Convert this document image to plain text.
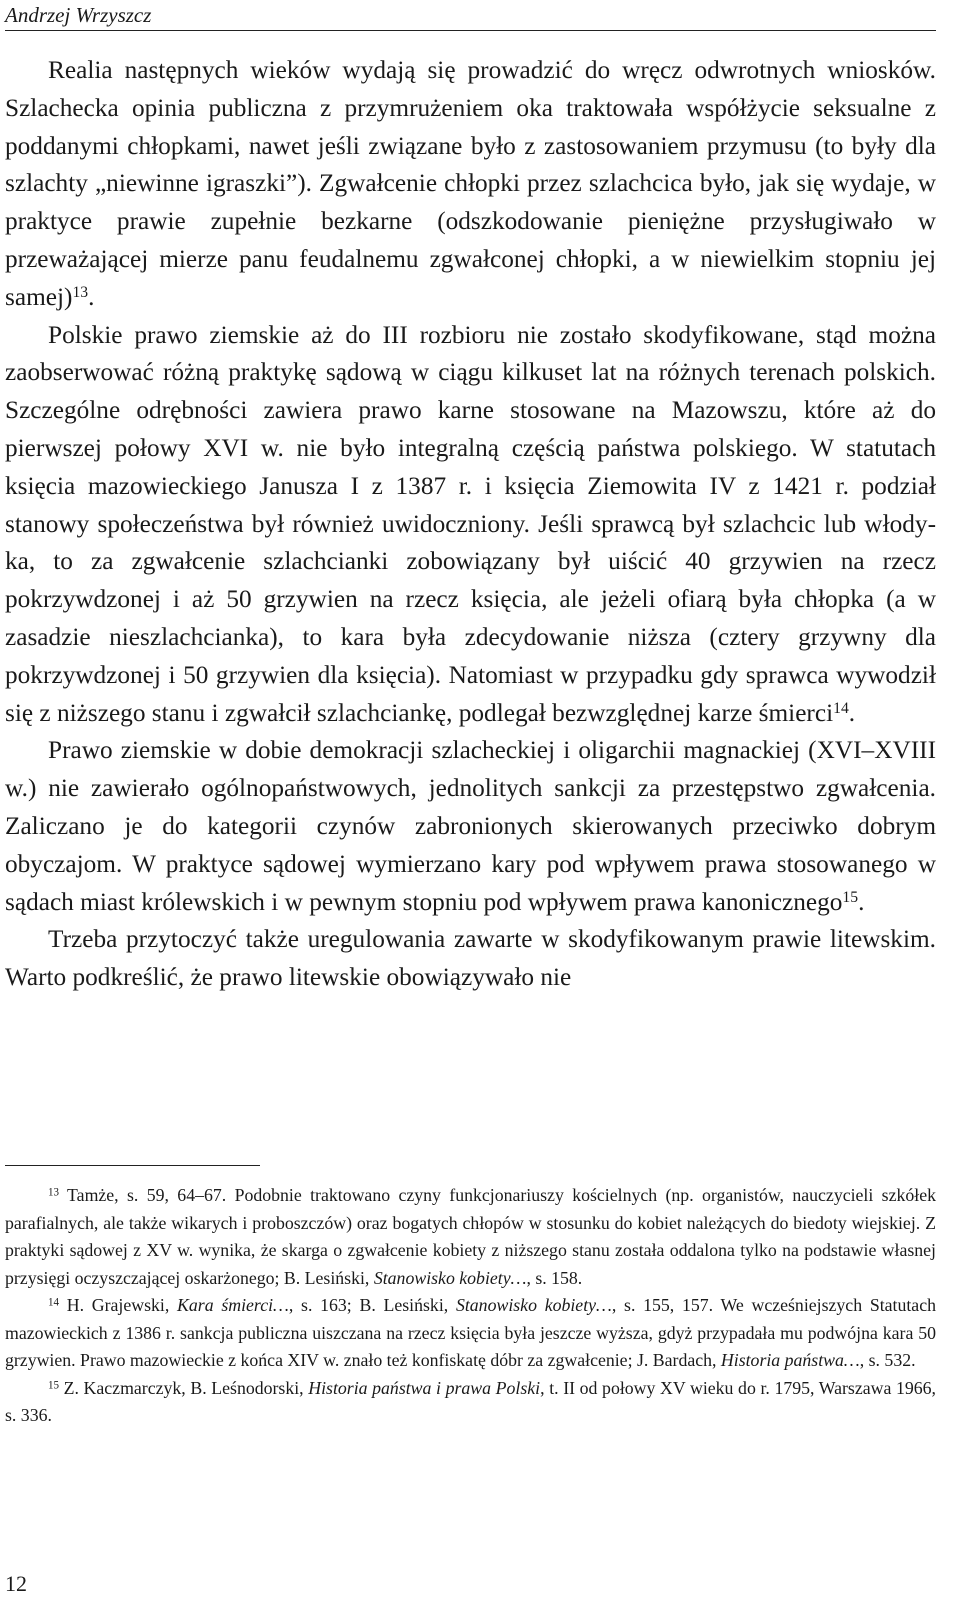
Andrzej Wrzyszcz

Realia następnych wieków wydają się prowadzić do wręcz odwrotnych wniosków. Szlachecka opinia publiczna z przymrużeniem oka traktowała współżycie seksualne z poddanymi chłopkami, nawet jeśli związane było z zastosowaniem przymusu (to były dla szlachty „niewinne igraszki”). Zgwałcenie chłopki przez szlachcica było, jak się wydaje, w praktyce prawie zupełnie bezkarne (odszkodowanie pieniężne przysługiwało w przeważającej mierze panu feudalnemu zgwałconej chłopki, a w niewielkim stopniu jej samej)$^{13}$.

Polskie prawo ziemskie aż do III rozbioru nie zostało skodyfikowane, stąd można zaobserwować różną praktykę sądową w ciągu kilkuset lat na różnych terenach polskich. Szczególne odrębności zawiera prawo karne stosowane na Mazowszu, które aż do pierwszej połowy XVI w. nie było integralną częścią państwa polskiego. W statutach księcia mazowieckiego Janusza I z 1387 r. i księcia Ziemowita IV z 1421 r. podział stanowy społeczeństwa był również uwidoczniony. Jeśli sprawcą był szlachcic lub włodyka, to za zgwałcenie szlachcianki zobowiązany był uiścić 40 grzywien na rzecz pokrzywdzonej i aż 50 grzywien na rzecz księcia, ale jeżeli ofiarą była chłopka (a w zasadzie nieszlachcianka), to kara była zdecydowanie niższa (cztery grzywny dla pokrzywdzonej i 50 grzywien dla księcia). Natomiast w przypadku gdy sprawca wywodził się z niższego stanu i zgwałcił szlachciankę, podlegał bezwzględnej karze śmierci$^{14}$.

Prawo ziemskie w dobie demokracji szlacheckiej i oligarchii magnackiej (XVI–XVIII w.) nie zawierało ogólnopaństwowych, jednolitych sankcji za przestępstwo zgwałcenia. Zaliczano je do kategorii czynów zabronionych skierowanych przeciwko dobrym obyczajom. W praktyce sądowej wymierzano kary pod wpływem prawa stosowanego w sądach miast królewskich i w pewnym stopniu pod wpływem prawa kanonicznego$^{15}$.

Trzeba przytoczyć także uregulowania zawarte w skodyfikowanym prawie litewskim. Warto podkreślić, że prawo litewskie obowiązywało nie

$^{13}$ Tamże, s. 59, 64–67. Podobnie traktowano czyny funkcjonariuszy kościelnych (np. organistów, nauczycieli szkółek parafialnych, ale także wikarych i proboszczów) oraz bogatych chłopów w stosunku do kobiet należących do biedoty wiejskiej. Z praktyki sądowej z XV w. wynika, że skarga o zgwałcenie kobiety z niższego stanu została oddalona tylko na podstawie własnej przysięgi oczyszczającej oskarżonego; B. Lesiński, Stanowisko kobiety…, s. 158.

$^{14}$ H. Grajewski, Kara śmierci…, s. 163; B. Lesiński, Stanowisko kobiety…, s. 155, 157. We wcześniejszych Statutach mazowieckich z 1386 r. sankcja publiczna uiszczana na rzecz księcia była jeszcze wyższa, gdyż przypadała mu podwójna kara 50 grzywien. Prawo mazowieckie z końca XIV w. znało też konfiskatę dóbr za zgwałcenie; J. Bardach, Historia państwa…, s. 532.

$^{15}$ Z. Kaczmarczyk, B. Leśnodorski, Historia państwa i prawa Polski, t. II od połowy XV wieku do r. 1795, Warszawa 1966, s. 336.

12
